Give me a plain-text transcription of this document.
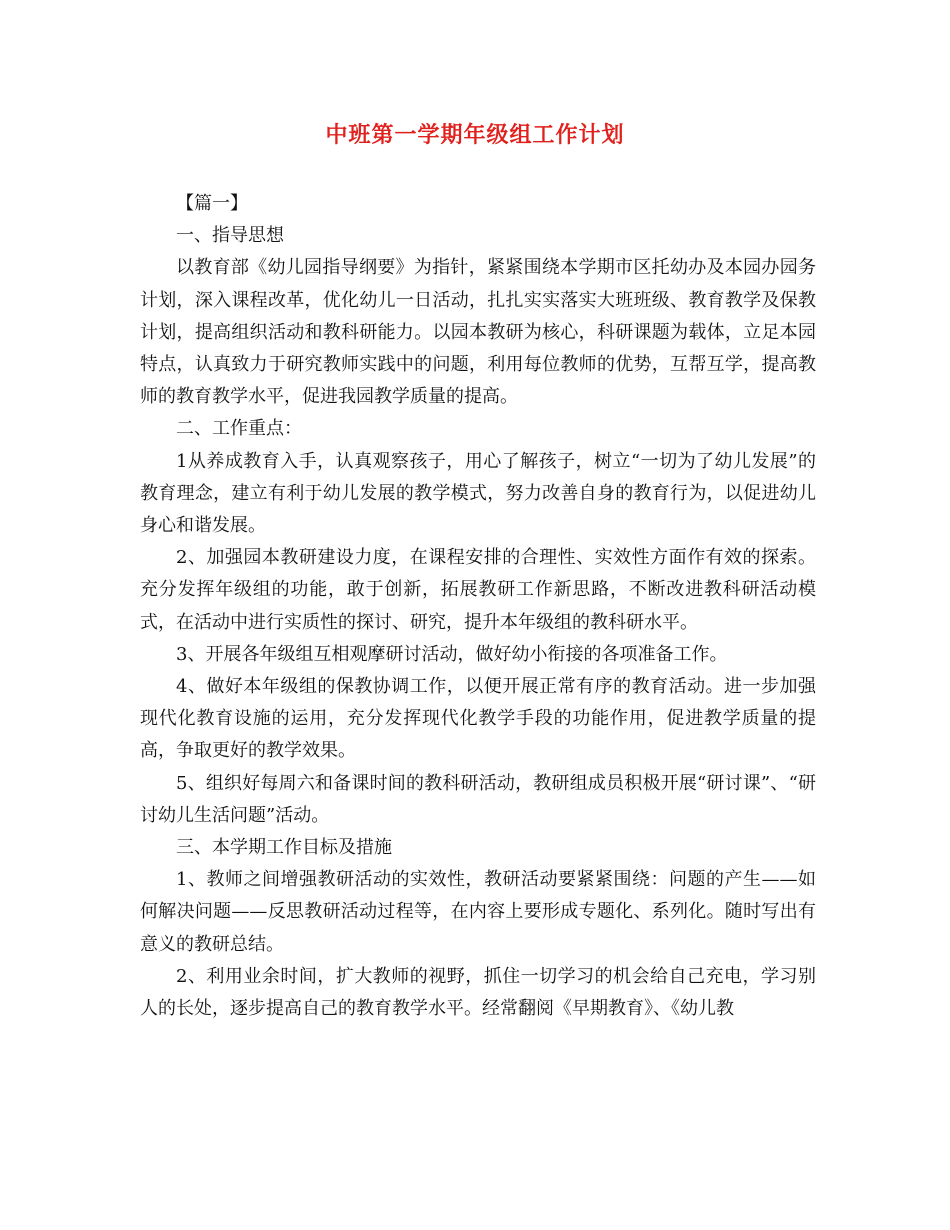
中班第一学期年级组工作计划

【篇一】

一、指导思想

以教育部《幼儿园指导纲要》为指针，紧紧围绕本学期市区托幼办及本园办园务计划，深入课程改革，优化幼儿一日活动，扎扎实实落实大班班级、教育教学及保教计划，提高组织活动和教科研能力。以园本教研为核心，科研课题为载体，立足本园特点，认真致力于研究教师实践中的问题，利用每位教师的优势，互帮互学，提高教师的教育教学水平，促进我园教学质量的提高。

二、工作重点：

1从养成教育入手，认真观察孩子，用心了解孩子，树立“一切为了幼儿发展”的教育理念，建立有利于幼儿发展的教学模式，努力改善自身的教育行为，以促进幼儿身心和谐发展。

2、加强园本教研建设力度，在课程安排的合理性、实效性方面作有效的探索。充分发挥年级组的功能，敢于创新，拓展教研工作新思路，不断改进教科研活动模式，在活动中进行实质性的探讨、研究，提升本年级组的教科研水平。

3、开展各年级组互相观摩研讨活动，做好幼小衔接的各项准备工作。

4、做好本年级组的保教协调工作，以便开展正常有序的教育活动。进一步加强现代化教育设施的运用，充分发挥现代化教学手段的功能作用，促进教学质量的提高，争取更好的教学效果。

5、组织好每周六和备课时间的教科研活动，教研组成员积极开展“研讨课”、“研讨幼儿生活问题”活动。

三、本学期工作目标及措施

1、教师之间增强教研活动的实效性，教研活动要紧紧围绕：问题的产生——如何解决问题——反思教研活动过程等，在内容上要形成专题化、系列化。随时写出有意义的教研总结。

2、利用业余时间，扩大教师的视野，抓住一切学习的机会给自己充电，学习别人的长处，逐步提高自己的教育教学水平。经常翻阅《早期教育》、《幼儿教
